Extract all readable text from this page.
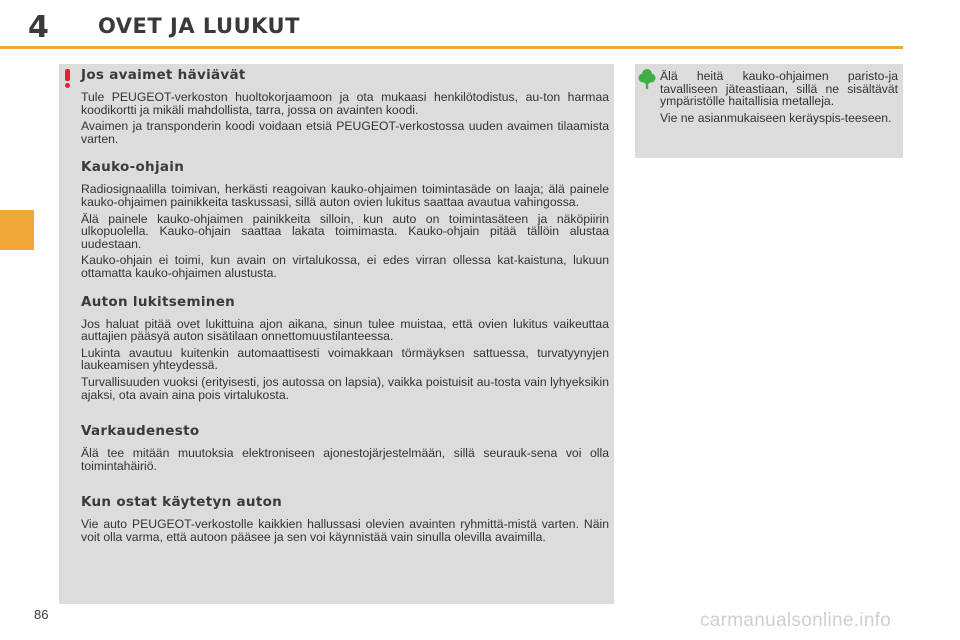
4 OVET JA LUUKUT
Jos avaimet häviävät

Tule PEUGEOT-verkoston huoltokorjaamoon ja ota mukaasi henkilötodistus, au-ton harmaa koodikortti ja mikäli mahdollista, tarra, jossa on avainten koodi.

Avaimen ja transponderin koodi voidaan etsiä PEUGEOT-verkostossa uuden avaimen tilaamista varten.

Kauko-ohjain

Radiosignaalilla toimivan, herkästi reagoivan kauko-ohjaimen toimintasäde on laaja; älä painele kauko-ohjaimen painikkeita taskussasi, sillä auton ovien lukitus saattaa avautua vahingossa.

Älä painele kauko-ohjaimen painikkeita silloin, kun auto on toimintasäteen ja näköpiirin ulkopuolella. Kauko-ohjain saattaa lakata toimimasta. Kauko-ohjain pitää tällöin alustaa uudestaan.

Kauko-ohjain ei toimi, kun avain on virtalukossa, ei edes virran ollessa kat-kaistuna, lukuun ottamatta kauko-ohjaimen alustusta.

Auton lukitseminen

Jos haluat pitää ovet lukittuina ajon aikana, sinun tulee muistaa, että ovien lukitus vaikeuttaa auttajien pääsyä auton sisätilaan onnettomuustilanteessa.

Lukinta avautuu kuitenkin automaattisesti voimakkaan törmäyksen sattuessa, turvatyynyjen laukeamisen yhteydessä.

Turvallisuuden vuoksi (erityisesti, jos autossa on lapsia), vaikka poistuisit au-tosta vain lyhyeksikin ajaksi, ota avain aina pois virtalukosta.

Varkaudenesto

Älä tee mitään muutoksia elektroniseen ajonestojärjestelmään, sillä seurauk-sena voi olla toimintahäiriö.

Kun ostat käytetyn auton

Vie auto PEUGEOT-verkostolle kaikkien hallussasi olevien avainten ryhmittä-mistä varten. Näin voit olla varma, että autoon pääsee ja sen voi käynnistää vain sinulla olevilla avaimilla.

Älä heitä kauko-ohjaimen paristo-ja tavalliseen jäteastiaan, sillä ne sisältävät ympäristölle haitallisia metalleja.

Vie ne asianmukaiseen keräyspis-teeseen.

86	carmanualsonline.info
